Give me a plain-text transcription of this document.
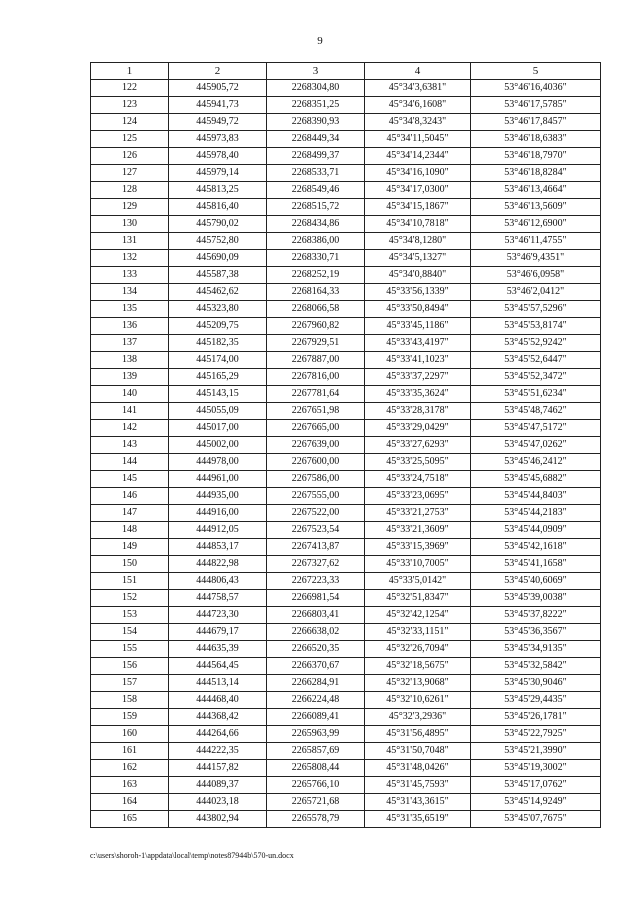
9
1	2	3	4	5
122	445905,72	2268304,80	45°34'3,6381"	53°46'16,4036"
123	445941,73	2268351,25	45°34'6,1608"	53°46'17,5785"
124	445949,72	2268390,93	45°34'8,3243"	53°46'17,8457"
125	445973,83	2268449,34	45°34'11,5045"	53°46'18,6383"
126	445978,40	2268499,37	45°34'14,2344"	53°46'18,7970"
127	445979,14	2268533,71	45°34'16,1090"	53°46'18,8284"
128	445813,25	2268549,46	45°34'17,0300"	53°46'13,4664"
129	445816,40	2268515,72	45°34'15,1867"	53°46'13,5609"
130	445790,02	2268434,86	45°34'10,7818"	53°46'12,6900"
131	445752,80	2268386,00	45°34'8,1280"	53°46'11,4755"
132	445690,09	2268330,71	45°34'5,1327"	53°46'9,4351"
133	445587,38	2268252,19	45°34'0,8840"	53°46'6,0958"
134	445462,62	2268164,33	45°33'56,1339"	53°46'2,0412"
135	445323,80	2268066,58	45°33'50,8494"	53°45'57,5296"
136	445209,75	2267960,82	45°33'45,1186"	53°45'53,8174"
137	445182,35	2267929,51	45°33'43,4197"	53°45'52,9242"
138	445174,00	2267887,00	45°33'41,1023"	53°45'52,6447"
139	445165,29	2267816,00	45°33'37,2297"	53°45'52,3472"
140	445143,15	2267781,64	45°33'35,3624"	53°45'51,6234"
141	445055,09	2267651,98	45°33'28,3178"	53°45'48,7462"
142	445017,00	2267665,00	45°33'29,0429"	53°45'47,5172"
143	445002,00	2267639,00	45°33'27,6293"	53°45'47,0262"
144	444978,00	2267600,00	45°33'25,5095"	53°45'46,2412"
145	444961,00	2267586,00	45°33'24,7518"	53°45'45,6882"
146	444935,00	2267555,00	45°33'23,0695"	53°45'44,8403"
147	444916,00	2267522,00	45°33'21,2753"	53°45'44,2183"
148	444912,05	2267523,54	45°33'21,3609"	53°45'44,0909"
149	444853,17	2267413,87	45°33'15,3969"	53°45'42,1618"
150	444822,98	2267327,62	45°33'10,7005"	53°45'41,1658"
151	444806,43	2267223,33	45°33'5,0142"	53°45'40,6069"
152	444758,57	2266981,54	45°32'51,8347"	53°45'39,0038"
153	444723,30	2266803,41	45°32'42,1254"	53°45'37,8222"
154	444679,17	2266638,02	45°32'33,1151"	53°45'36,3567"
155	444635,39	2266520,35	45°32'26,7094"	53°45'34,9135"
156	444564,45	2266370,67	45°32'18,5675"	53°45'32,5842"
157	444513,14	2266284,91	45°32'13,9068"	53°45'30,9046"
158	444468,40	2266224,48	45°32'10,6261"	53°45'29,4435"
159	444368,42	2266089,41	45°32'3,2936"	53°45'26,1781"
160	444264,66	2265963,99	45°31'56,4895"	53°45'22,7925"
161	444222,35	2265857,69	45°31'50,7048"	53°45'21,3990"
162	444157,82	2265808,44	45°31'48,0426"	53°45'19,3002"
163	444089,37	2265766,10	45°31'45,7593"	53°45'17,0762"
164	444023,18	2265721,68	45°31'43,3615"	53°45'14,9249"
165	443802,94	2265578,79	45°31'35,6519"	53°45'07,7675"
c:\users\shoroh-1\appdata\local\temp\notes87944b\570-un.docx
